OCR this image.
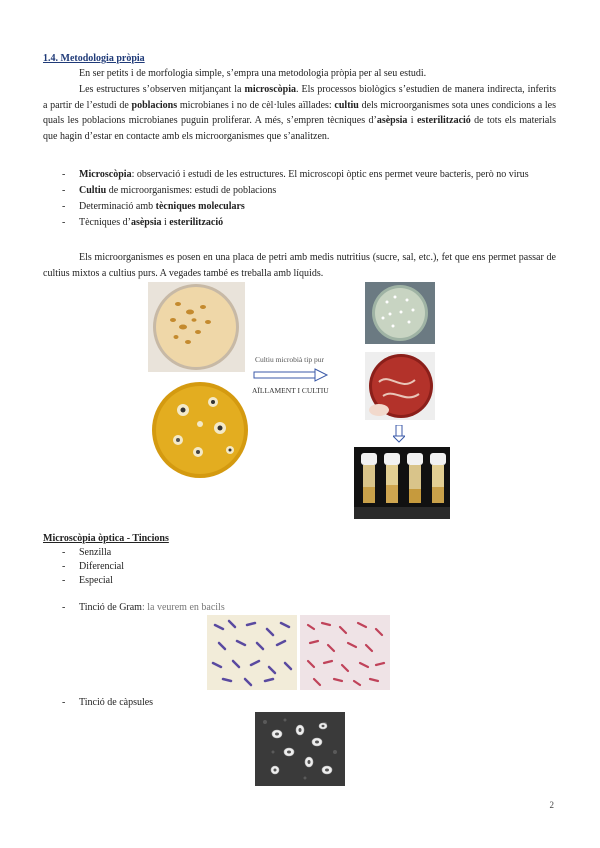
1.4. Metodologia pròpia
En ser petits i de morfologia simple, s’empra una metodologia pròpia per al seu estudi.
Les estructures s’observen mitjançant la microscòpia. Els processos biològics s’estudien de manera indirecta, inferits a partir de l’estudi de poblacions microbianes i no de cèl·lules aïllades: cultiu dels microorganismes sota unes condicions a les quals les poblacions microbianes puguin proliferar. A més, s’empren tècniques d’asèpsia i esterilització de tots els materials que hagin d’estar en contacte amb els microorganismes que s’analitzen.
- Microscòpia: observació i estudi de les estructures. El microscopi òptic ens permet veure bacteris, però no virus
- Cultiu de microorganismes: estudi de poblacions
- Determinació amb tècniques moleculars
- Tècniques d’asèpsia i esterilització
Els microorganismes es posen en una placa de petri amb medis nutritius (sucre, sal, etc.), fet que ens permet passar de cultius mixtos a cultius purs. A vegades també es treballa amb líquids.
Cultiu microbià tip pur
AÏLLAMENT I CULTIU
Microscòpia òptica - Tincions
- Senzilla
- Diferencial
- Especial
- Tinció de Gram: la veurem en bacils
- Tinció de càpsules
2
